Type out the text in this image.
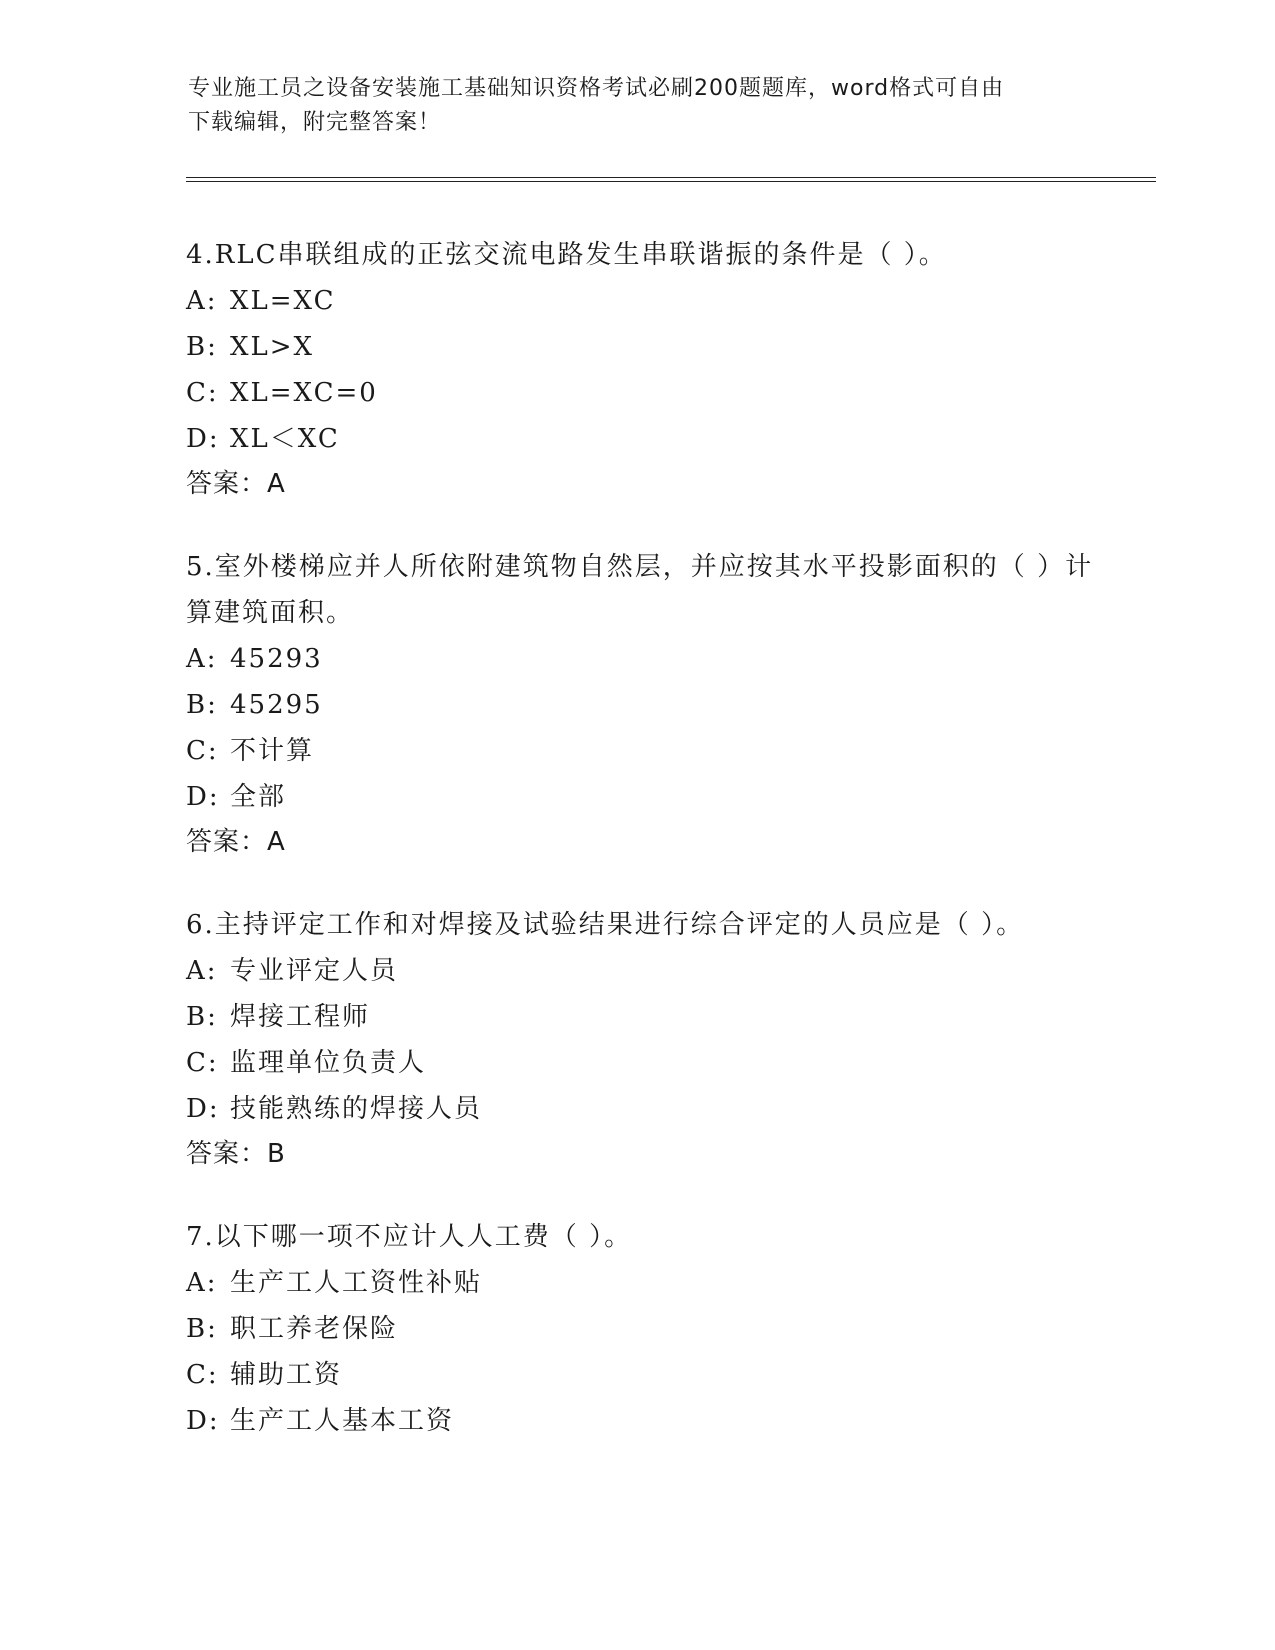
专业施工员之设备安装施工基础知识资格考试必刷200题题库，word格式可自由
下载编辑，附完整答案！
4.RLC串联组成的正弦交流电路发生串联谐振的条件是（ ）。
A: XL=XC
B: XL>X
C: XL=XC=0
D: XL＜XC
答案：A
5.室外楼梯应并人所依附建筑物自然层，并应按其水平投影面积的（ ）计算建筑面积。
A: 45293
B: 45295
C: 不计算
D: 全部
答案：A
6.主持评定工作和对焊接及试验结果进行综合评定的人员应是（ ）。
A: 专业评定人员
B: 焊接工程师
C: 监理单位负责人
D: 技能熟练的焊接人员
答案：B
7.以下哪一项不应计人人工费（ ）。
A: 生产工人工资性补贴
B: 职工养老保险
C: 辅助工资
D: 生产工人基本工资
